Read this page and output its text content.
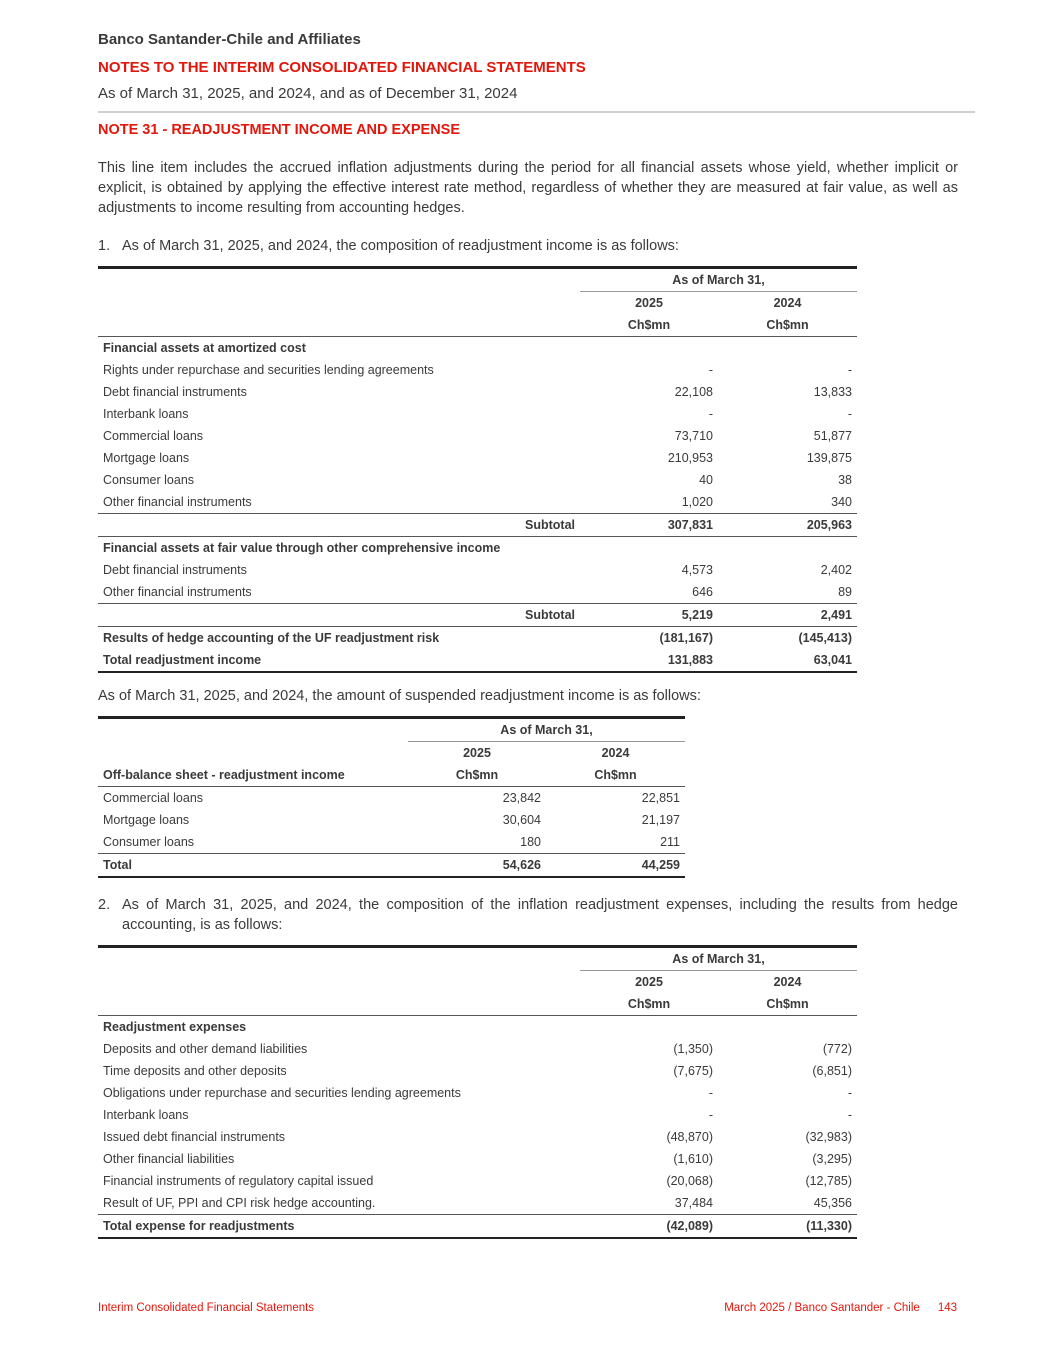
Banco Santander-Chile and Affiliates
NOTES TO THE INTERIM CONSOLIDATED FINANCIAL STATEMENTS
As of March 31, 2025, and 2024, and as of December 31, 2024
NOTE 31 - READJUSTMENT INCOME AND EXPENSE
This line item includes the accrued inflation adjustments during the period for all financial assets whose yield, whether implicit or explicit, is obtained by applying the effective interest rate method, regardless of whether they are measured at fair value, as well as adjustments to income resulting from accounting hedges.
1. As of March 31, 2025, and 2024, the composition of readjustment income is as follows:
	As of March 31,	
	2025	2024
	Ch$mn	Ch$mn
Financial assets at amortized cost		
Rights under repurchase and securities lending agreements	-	-
Debt financial instruments	22,108	13,833
Interbank loans	-	-
Commercial loans	73,710	51,877
Mortgage loans	210,953	139,875
Consumer loans	40	38
Other financial instruments	1,020	340
Subtotal	307,831	205,963
Financial assets at fair value through other comprehensive income		
Debt financial instruments	4,573	2,402
Other financial instruments	646	89
Subtotal	5,219	2,491
Results of hedge accounting of the UF readjustment risk	(181,167)	(145,413)
Total readjustment income	131,883	63,041
As of March 31, 2025, and 2024, the amount of suspended readjustment income is as follows:
	As of March 31,	
	2025	2024
Off-balance sheet - readjustment income	Ch$mn	Ch$mn
Commercial loans	23,842	22,851
Mortgage loans	30,604	21,197
Consumer loans	180	211
Total	54,626	44,259
2. As of March 31, 2025, and 2024, the composition of the inflation readjustment expenses, including the results from hedge accounting, is as follows:
	As of March 31,	
	2025	2024
	Ch$mn	Ch$mn
Readjustment expenses		
Deposits and other demand liabilities	(1,350)	(772)
Time deposits and other deposits	(7,675)	(6,851)
Obligations under repurchase and securities lending agreements	-	-
Interbank loans	-	-
Issued debt financial instruments	(48,870)	(32,983)
Other financial liabilities	(1,610)	(3,295)
Financial instruments of regulatory capital issued	(20,068)	(12,785)
Result of UF, PPI and CPI risk hedge accounting.	37,484	45,356
Total expense for readjustments	(42,089)	(11,330)
Interim Consolidated Financial Statements	March 2025 / Banco Santander - Chile 143
